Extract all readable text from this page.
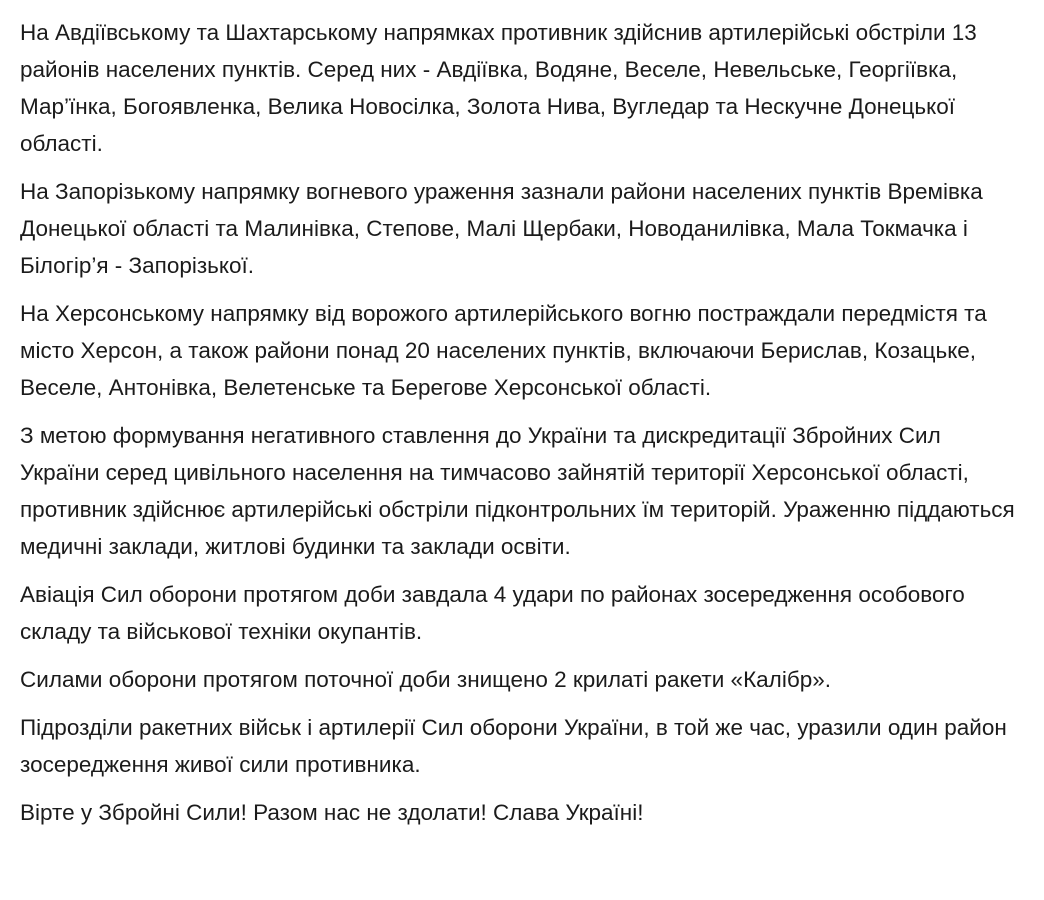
На Авдіївському та Шахтарському напрямках противник здійснив артилерійські обстріли 13 районів населених пунктів. Серед них - Авдіївка, Водяне, Веселе, Невельське, Георгіївка, Мар’їнка, Богоявленка, Велика Новосілка, Золота Нива, Вугледар та Нескучне Донецької області.

На Запорізькому напрямку вогневого ураження зазнали райони населених пунктів Времівка Донецької області та Малинівка, Степове, Малі Щербаки, Новоданилівка, Мала Токмачка і Білогір’я - Запорізької.

На Херсонському напрямку від ворожого артилерійського вогню постраждали передмістя та місто Херсон, а також райони понад 20 населених пунктів, включаючи Берислав, Козацьке, Веселе, Антонівка, Велетенське та Берегове Херсонської області.

З метою формування негативного ставлення до України та дискредитації Збройних Сил України серед цивільного населення на тимчасово зайнятій території Херсонської області, противник здійснює артилерійські обстріли підконтрольних їм територій. Ураженню піддаються медичні заклади, житлові будинки та заклади освіти.

Авіація Сил оборони протягом доби завдала 4 удари по районах зосередження особового складу та військової техніки окупантів.

Силами оборони протягом поточної доби знищено 2 крилаті ракети «Калібр».

Підрозділи ракетних військ і артилерії Сил оборони України, в той же час, уразили один район зосередження живої сили противника.

Вірте у Збройні Сили! Разом нас не здолати! Слава Україні!
